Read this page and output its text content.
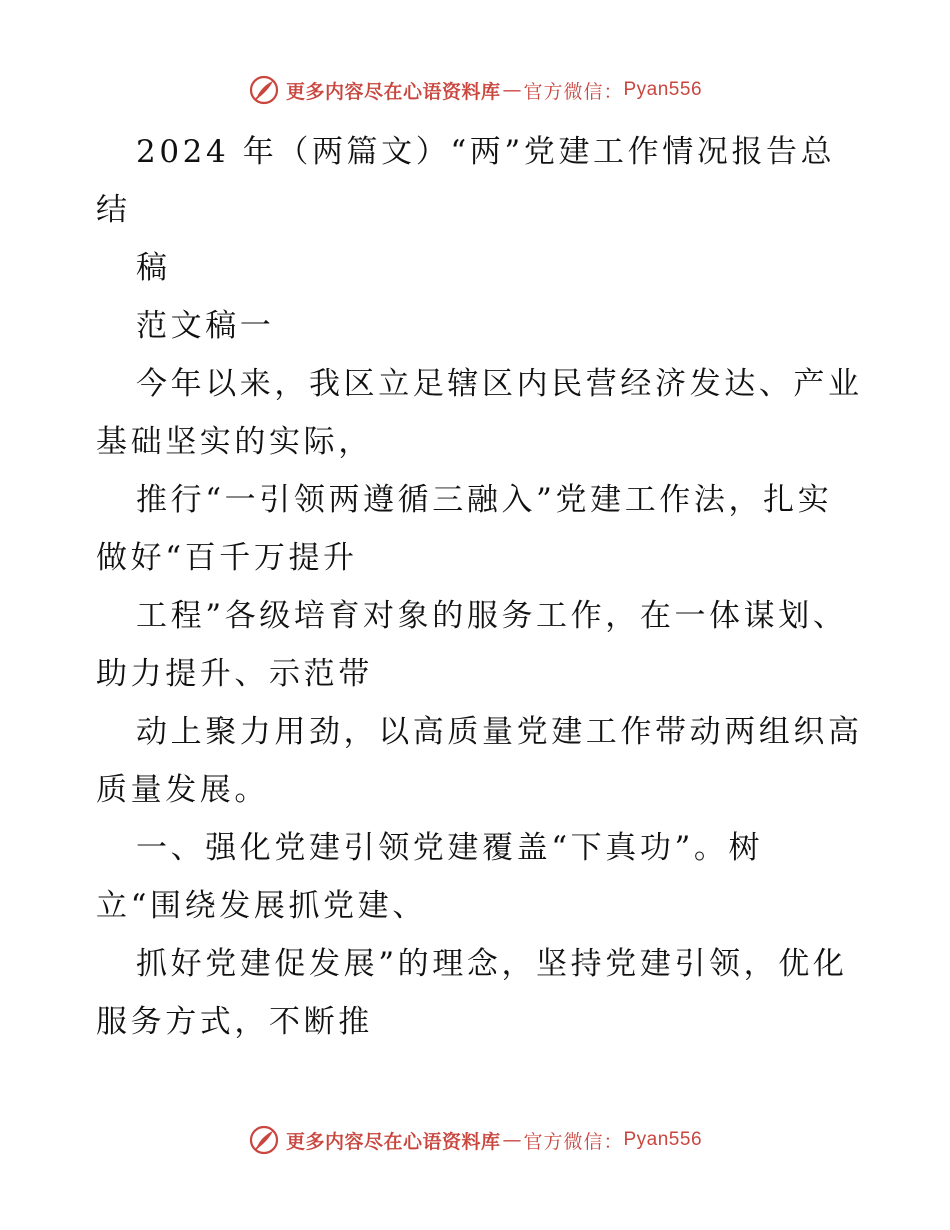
更多内容尽在心语资料库 — 官方微信： Pyan556
2024 年（两篇文）“两”党建工作情况报告总
结
稿
范文稿一
今年以来，我区立足辖区内民营经济发达、产业
基础坚实的实际，
推行“一引领两遵循三融入”党建工作法，扎实
做好“百千万提升
工程”各级培育对象的服务工作，在一体谋划、
助力提升、示范带
动上聚力用劲，以高质量党建工作带动两组织高
质量发展。
一、强化党建引领党建覆盖“下真功”。树
立“围绕发展抓党建、
抓好党建促发展”的理念，坚持党建引领，优化
服务方式，不断推
更多内容尽在心语资料库 — 官方微信： Pyan556
